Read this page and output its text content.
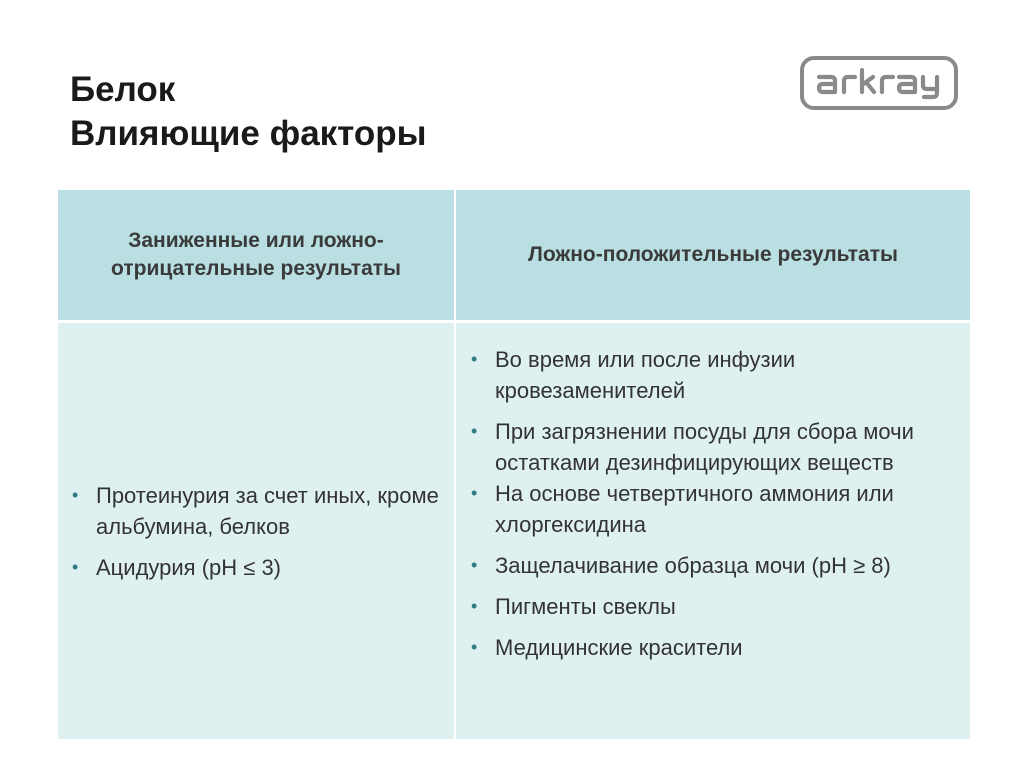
Белок
Влияющие факторы
Заниженные или ложно-отрицательные результаты
Ложно-положительные результаты
• Протеинурия за счет иных, кроме альбумина, белков
• Ацидурия (рН ≤ 3)
• Во время или после инфузии кровезаменителей
• При загрязнении посуды для сбора мочи остатками дезинфицирующих веществ
• На основе четвертичного аммония или хлоргексидина
• Защелачивание образца мочи (рН ≥ 8)
• Пигменты свеклы
• Медицинские красители
